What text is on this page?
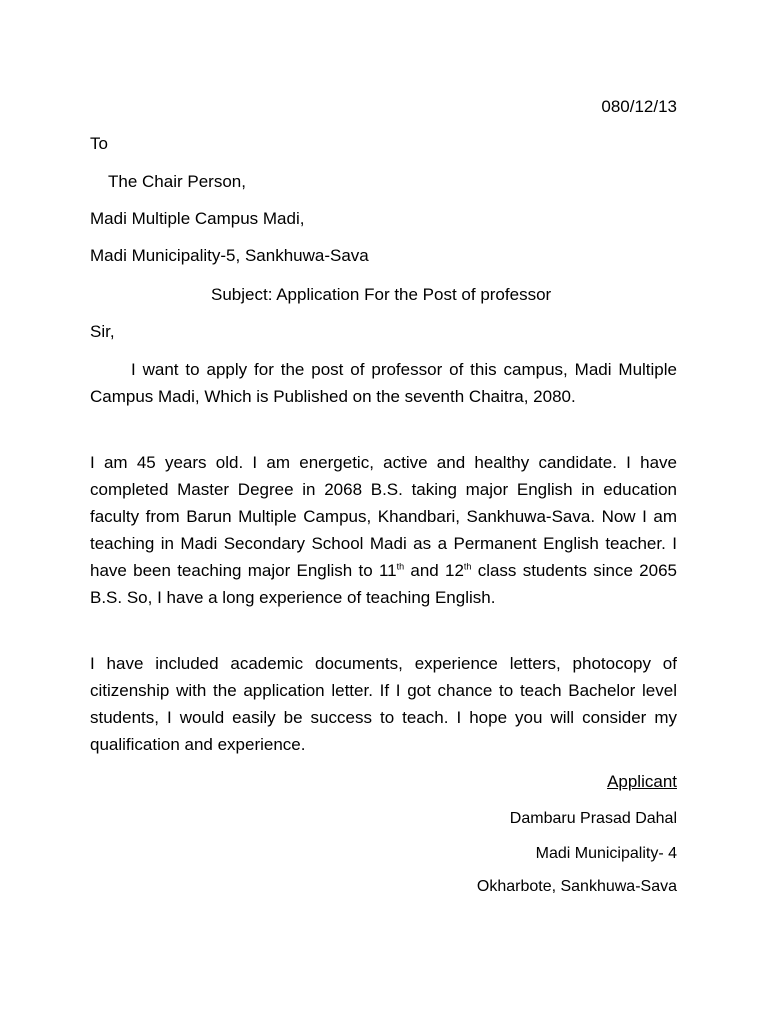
080/12/13
To
The Chair Person,
Madi Multiple Campus Madi,
Madi Municipality-5, Sankhuwa-Sava
Subject: Application For the Post of professor
Sir,

I want to apply for the post of professor of this campus, Madi Multiple Campus Madi, Which is Published on the seventh Chaitra, 2080.

I am 45 years old. I am energetic, active and healthy candidate. I have completed Master Degree in 2068 B.S. taking major English in education faculty from Barun Multiple Campus, Khandbari, Sankhuwa-Sava. Now I am teaching in Madi Secondary School Madi as a Permanent English teacher. I have been teaching major English to 11th and 12th class students since 2065 B.S. So, I have a long experience of teaching English.

I have included academic documents, experience letters, photocopy of citizenship with the application letter. If I got chance to teach Bachelor level students, I would easily be success to teach. I hope you will consider my qualification and experience.

Applicant
Dambaru Prasad Dahal
Madi Municipality- 4
Okharbote, Sankhuwa-Sava
